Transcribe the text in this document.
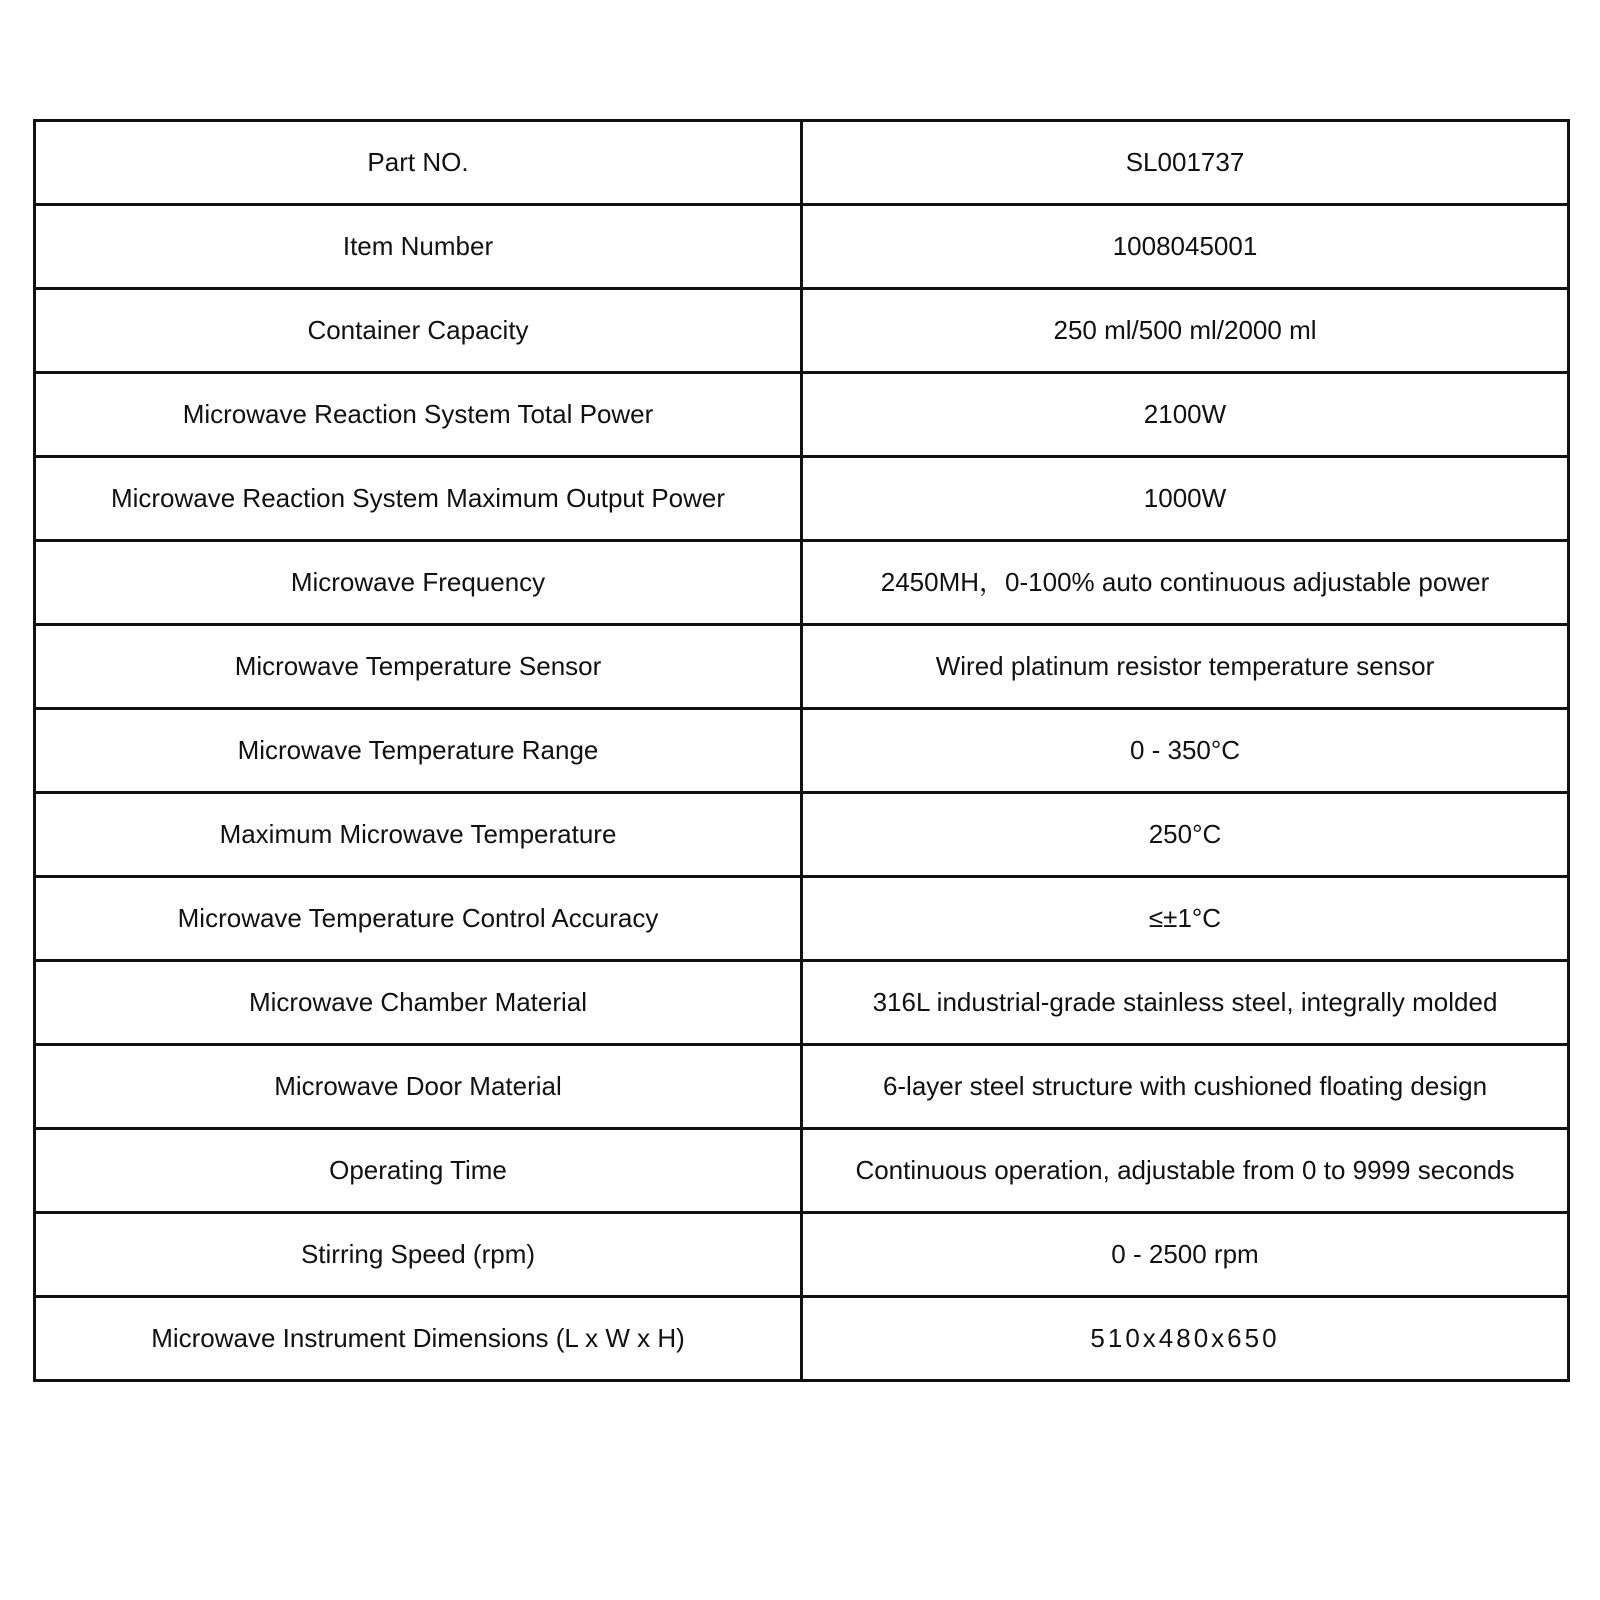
Part NO.	SL001737
Item Number	1008045001
Container Capacity	250 ml/500 ml/2000 ml
Microwave Reaction System Total Power	2100W
Microwave Reaction System Maximum Output Power	1000W
Microwave Frequency	2450MH，0-100% auto continuous adjustable power
Microwave Temperature Sensor	Wired platinum resistor temperature sensor
Microwave Temperature Range	0 - 350°C
Maximum Microwave Temperature	250°C
Microwave Temperature Control Accuracy	≤±1°C
Microwave Chamber Material	316L industrial-grade stainless steel, integrally molded
Microwave Door Material	6-layer steel structure with cushioned floating design
Operating Time	Continuous operation, adjustable from 0 to 9999 seconds
Stirring Speed (rpm)	0 - 2500 rpm
Microwave Instrument Dimensions (L x W x H)	510x480x650
